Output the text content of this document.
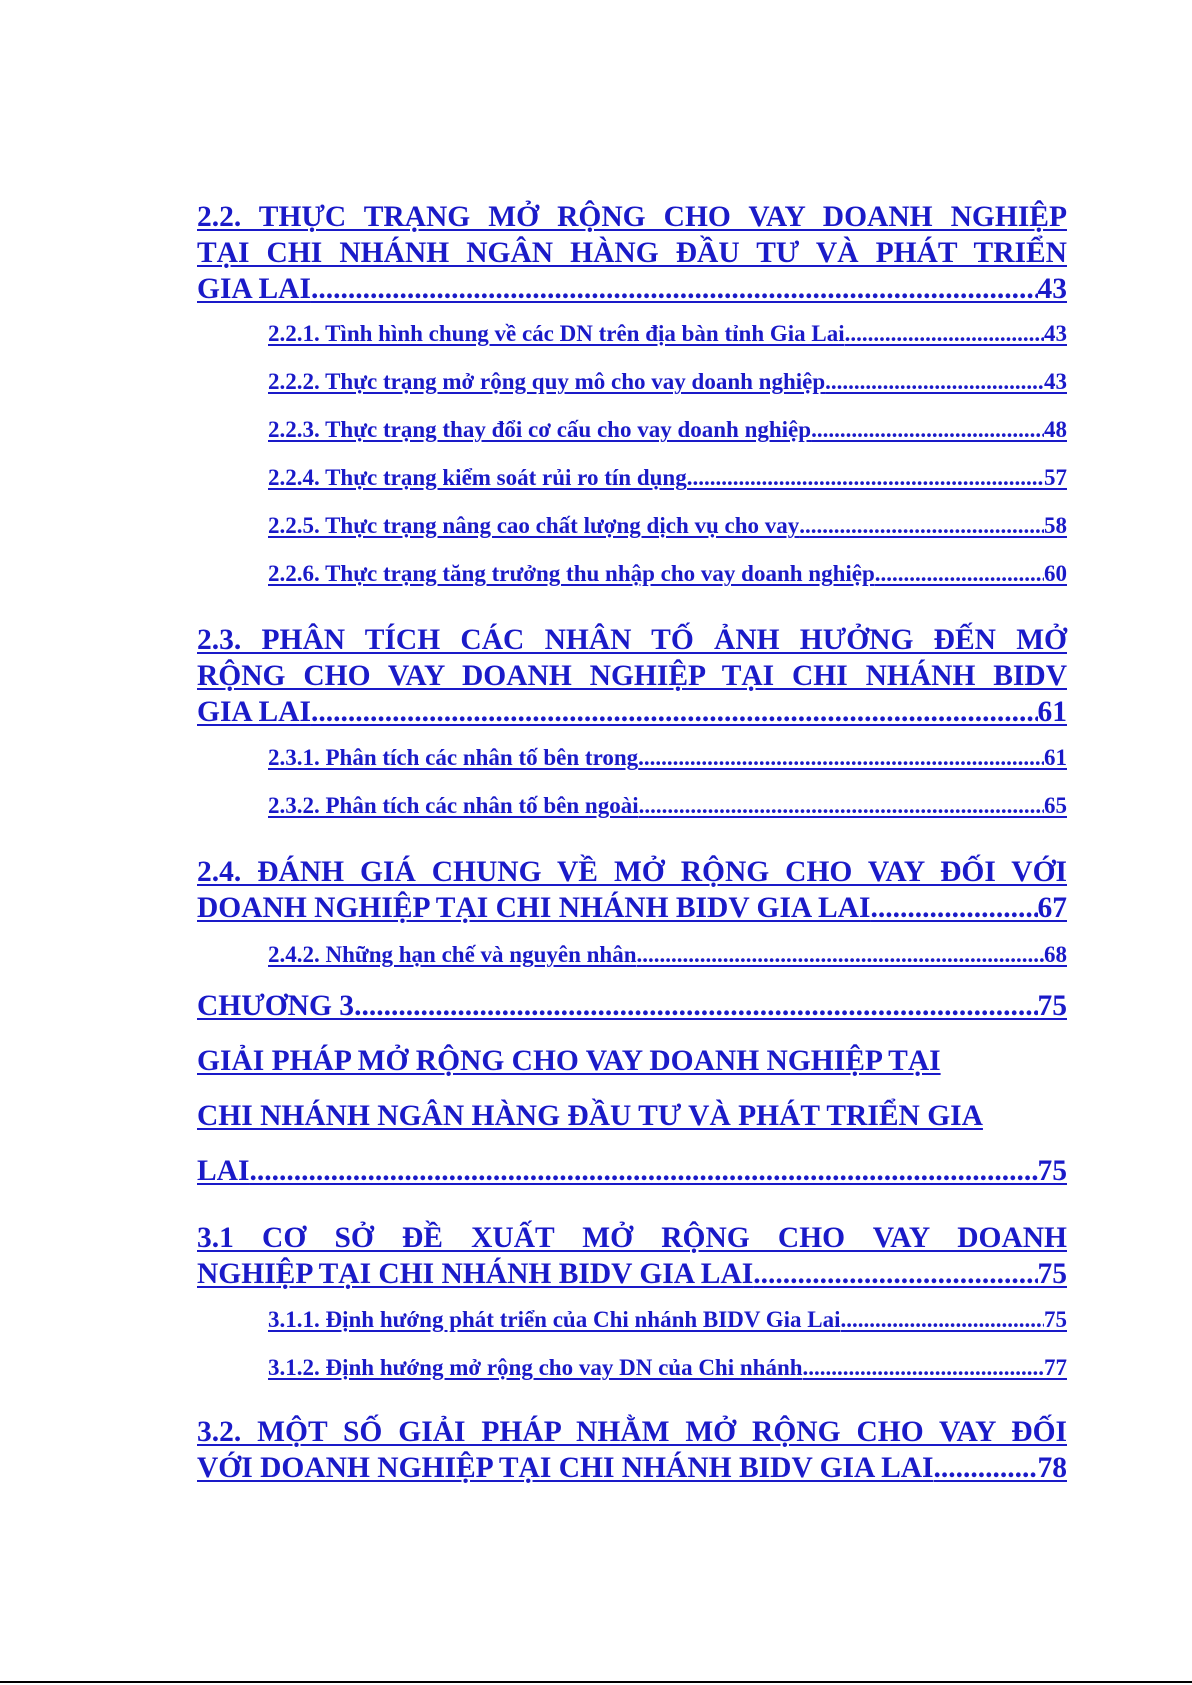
2.2. THỰC TRẠNG MỞ RỘNG CHO VAY DOANH NGHIỆP
TẠI CHI NHÁNH NGÂN HÀNG ĐẦU TƯ VÀ PHÁT TRIỂN
GIA LAI .....	43
2.2.1. Tình hình chung về các DN trên địa bàn tỉnh Gia Lai .....	43
2.2.2. Thực trạng mở rộng quy mô cho vay doanh nghiệp .....	43
2.2.3. Thực trạng thay đổi cơ cấu cho vay doanh nghiệp .....	48
2.2.4. Thực trạng kiểm soát rủi ro tín dụng .....	57
2.2.5. Thực trạng nâng cao chất lượng dịch vụ cho vay .....	58
2.2.6. Thực trạng tăng trưởng thu nhập cho vay doanh nghiệp .....	60
2.3. PHÂN TÍCH CÁC NHÂN TỐ ẢNH HƯỞNG ĐẾN MỞ
RỘNG CHO VAY DOANH NGHIỆP TẠI CHI NHÁNH BIDV
GIA LAI .....	61
2.3.1. Phân tích các nhân tố bên trong .....	61
2.3.2. Phân tích các nhân tố bên ngoài .....	65
2.4. ĐÁNH GIÁ CHUNG VỀ MỞ RỘNG CHO VAY ĐỐI VỚI
DOANH NGHIỆP TẠI CHI NHÁNH BIDV GIA LAI .....	67
2.4.2. Những hạn chế và nguyên nhân .....	68
CHƯƠNG 3 .....	75
GIẢI PHÁP MỞ RỘNG CHO VAY DOANH NGHIỆP TẠI
CHI NHÁNH NGÂN HÀNG ĐẦU TƯ VÀ PHÁT TRIỂN GIA
LAI .....	75
3.1 CƠ SỞ ĐỀ XUẤT MỞ RỘNG CHO VAY DOANH
NGHIỆP TẠI CHI NHÁNH BIDV GIA LAI .....	75
3.1.1. Định hướng phát triển của Chi nhánh BIDV Gia Lai .....	75
3.1.2. Định hướng mở rộng cho vay DN của Chi nhánh .....	77
3.2. MỘT SỐ GIẢI PHÁP NHẰM MỞ RỘNG CHO VAY ĐỐI
VỚI DOANH NGHIỆP TẠI CHI NHÁNH BIDV GIA LAI .....	78
